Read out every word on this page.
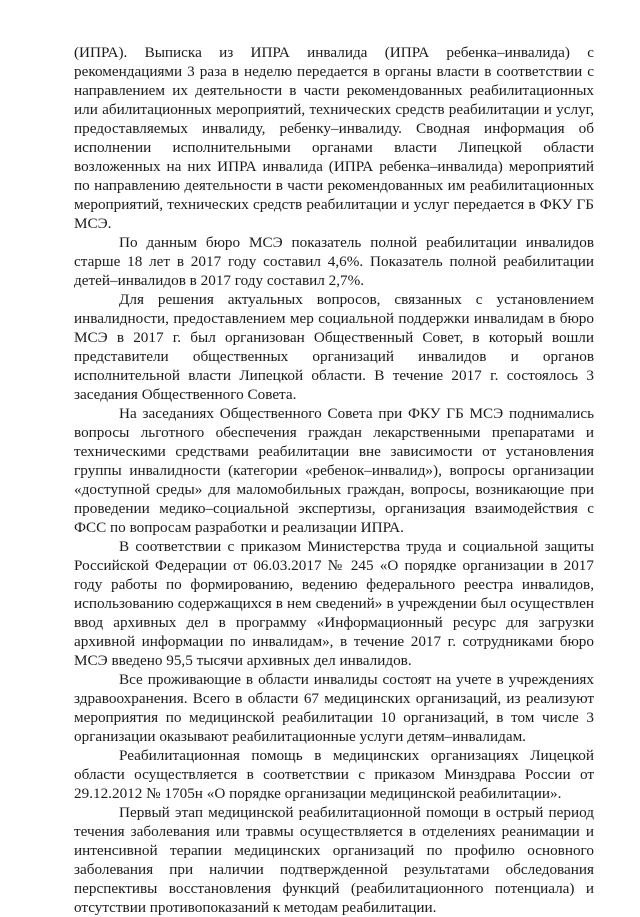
(ИПРА). Выписка из ИПРА инвалида (ИПРА ребенка–инвалида) с рекомендациями 3 раза в неделю передается в органы власти в соответствии с направлением их деятельности в части рекомендованных реабилитационных или абилитационных мероприятий, технических средств реабилитации и услуг, предоставляемых инвалиду, ребенку–инвалиду. Сводная информация об исполнении исполнительными органами власти Липецкой области возложенных на них ИПРА инвалида (ИПРА ребенка–инвалида) мероприятий по направлению деятельности в части рекомендованных им реабилитационных мероприятий, технических средств реабилитации и услуг передается в ФКУ ГБ МСЭ.

По данным бюро МСЭ показатель полной реабилитации инвалидов старше 18 лет в 2017 году составил 4,6%. Показатель полной реабилитации детей–инвалидов в 2017 году составил 2,7%.

Для решения актуальных вопросов, связанных с установлением инвалидности, предоставлением мер социальной поддержки инвалидам в бюро МСЭ в 2017 г. был организован Общественный Совет, в который вошли представители общественных организаций инвалидов и органов исполнительной власти Липецкой области. В течение 2017 г. состоялось 3 заседания Общественного Совета.

На заседаниях Общественного Совета при ФКУ ГБ МСЭ поднимались вопросы льготного обеспечения граждан лекарственными препаратами и техническими средствами реабилитации вне зависимости от установления группы инвалидности (категории «ребенок–инвалид»), вопросы организации «доступной среды» для маломобильных граждан, вопросы, возникающие при проведении медико–социальной экспертизы, организация взаимодействия с ФСС по вопросам разработки и реализации ИПРА.

В соответствии с приказом Министерства труда и социальной защиты Российской Федерации от 06.03.2017 № 245 «О порядке организации в 2017 году работы по формированию, ведению федерального реестра инвалидов, использованию содержащихся в нем сведений» в учреждении был осуществлен ввод архивных дел в программу «Информационный ресурс для загрузки архивной информации по инвалидам», в течение 2017 г. сотрудниками бюро МСЭ введено 95,5 тысячи архивных дел инвалидов.

Все проживающие в области инвалиды состоят на учете в учреждениях здравоохранения. Всего в области 67 медицинских организаций, из реализуют мероприятия по медицинской реабилитации 10 организаций, в том числе 3 организации оказывают реабилитационные услуги детям–инвалидам.

Реабилитационная помощь в медицинских организациях Лицецкой области осуществляется в соответствии с приказом Минздрава России от 29.12.2012 № 1705н «О порядке организации медицинской реабилитации».

Первый этап медицинской реабилитационной помощи в острый период течения заболевания или травмы осуществляется в отделениях реанимации и интенсивной терапии медицинских организаций по профилю основного заболевания при наличии подтвержденной результатами обследования перспективы восстановления функций (реабилитационного потенциала) и отсутствии противопоказаний к методам реабилитации.
